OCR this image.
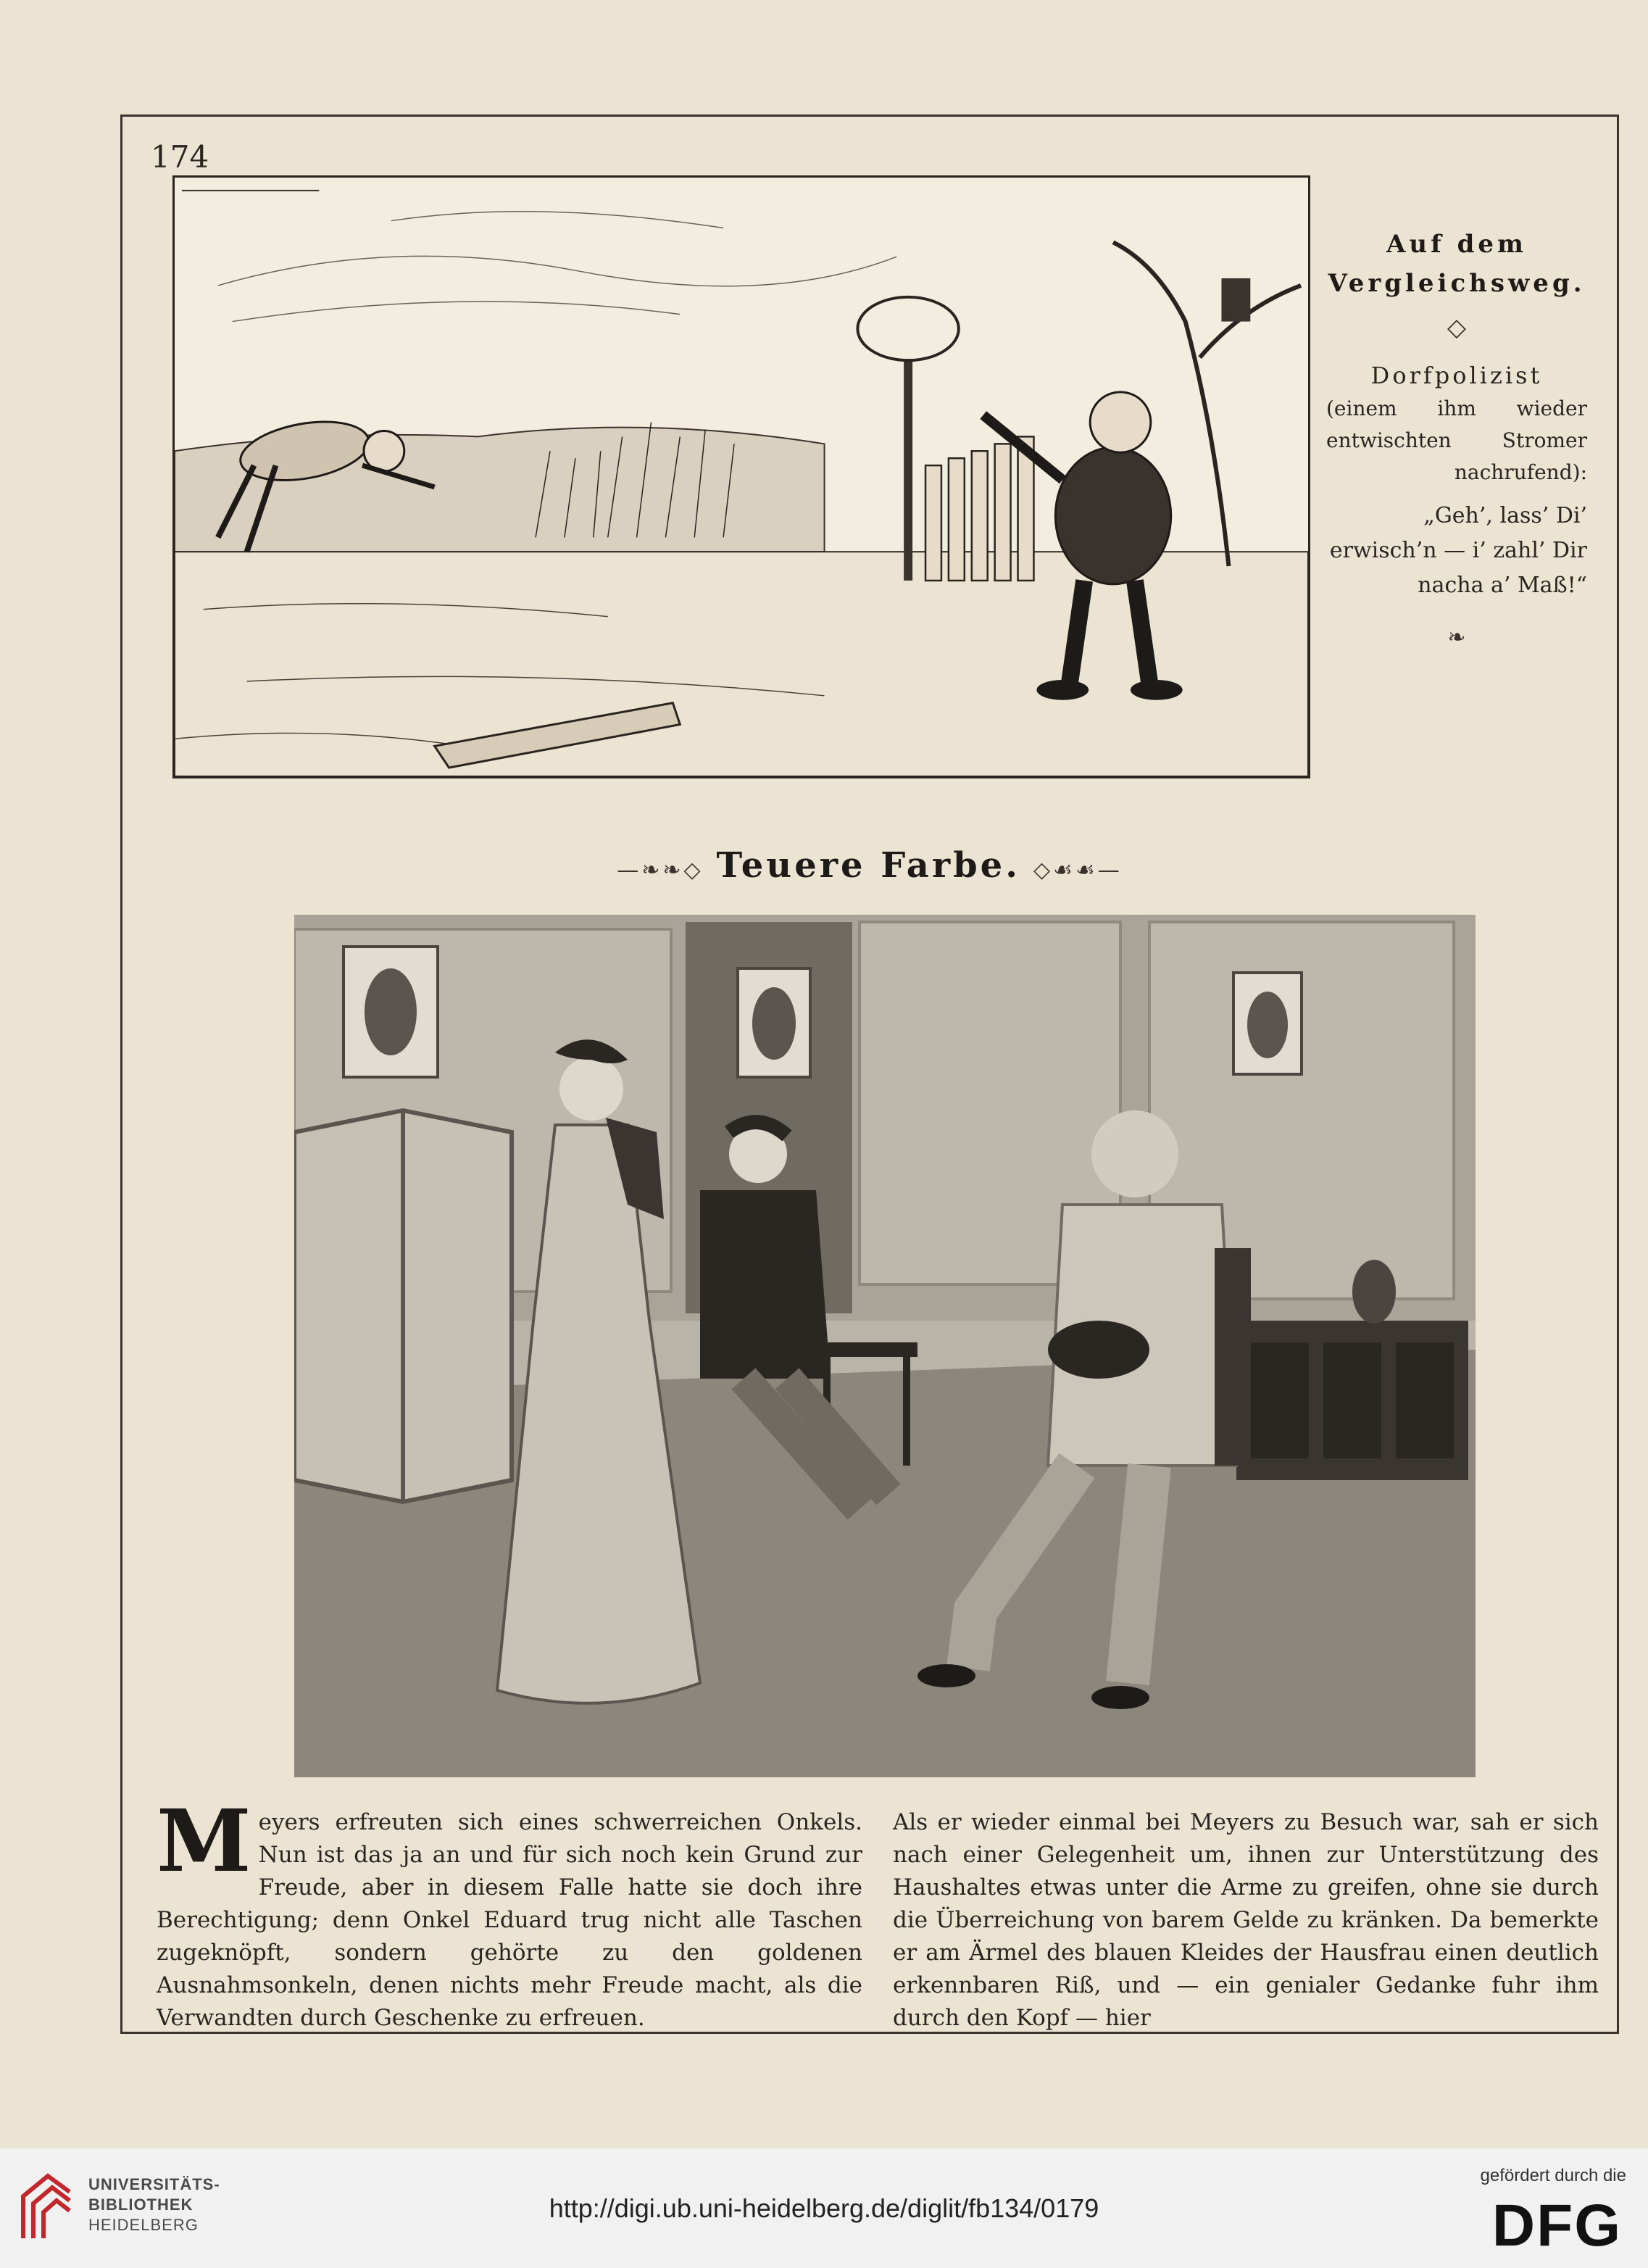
174
Auf dem
Vergleichsweg.
◇
Dorfpolizist
(einem ihm wieder entwischten Stromer nachrufend):
„Geh’, lass’ Di’ erwisch’n — i’ zahl’ Dir nacha a’ Maß!“
❧
—❧❧◇ Teuere Farbe. ◇☙☙—
Meyers erfreuten sich eines schwerreichen Onkels. Nun ist das ja an und für sich noch kein Grund zur Freude, aber in diesem Falle hatte sie doch ihre Berechtigung; denn Onkel Eduard trug nicht alle Taschen zugeknöpft, sondern gehörte zu den goldenen Ausnahmsonkeln, denen nichts mehr Freude macht, als die Verwandten durch Geschenke zu erfreuen.
Als er wieder einmal bei Meyers zu Besuch war, sah er sich nach einer Gelegenheit um, ihnen zur Unterstützung des Haushaltes etwas unter die Arme zu greifen, ohne sie durch die Überreichung von barem Gelde zu kränken. Da bemerkte er am Ärmel des blauen Kleides der Hausfrau einen deutlich erkennbaren Riß, und — ein genialer Gedanke fuhr ihm durch den Kopf — hier
UNIVERSITÄTS-
BIBLIOTHEK
HEIDELBERG
http://digi.ub.uni-heidelberg.de/diglit/fb134/0179
gefördert durch die
DFG
